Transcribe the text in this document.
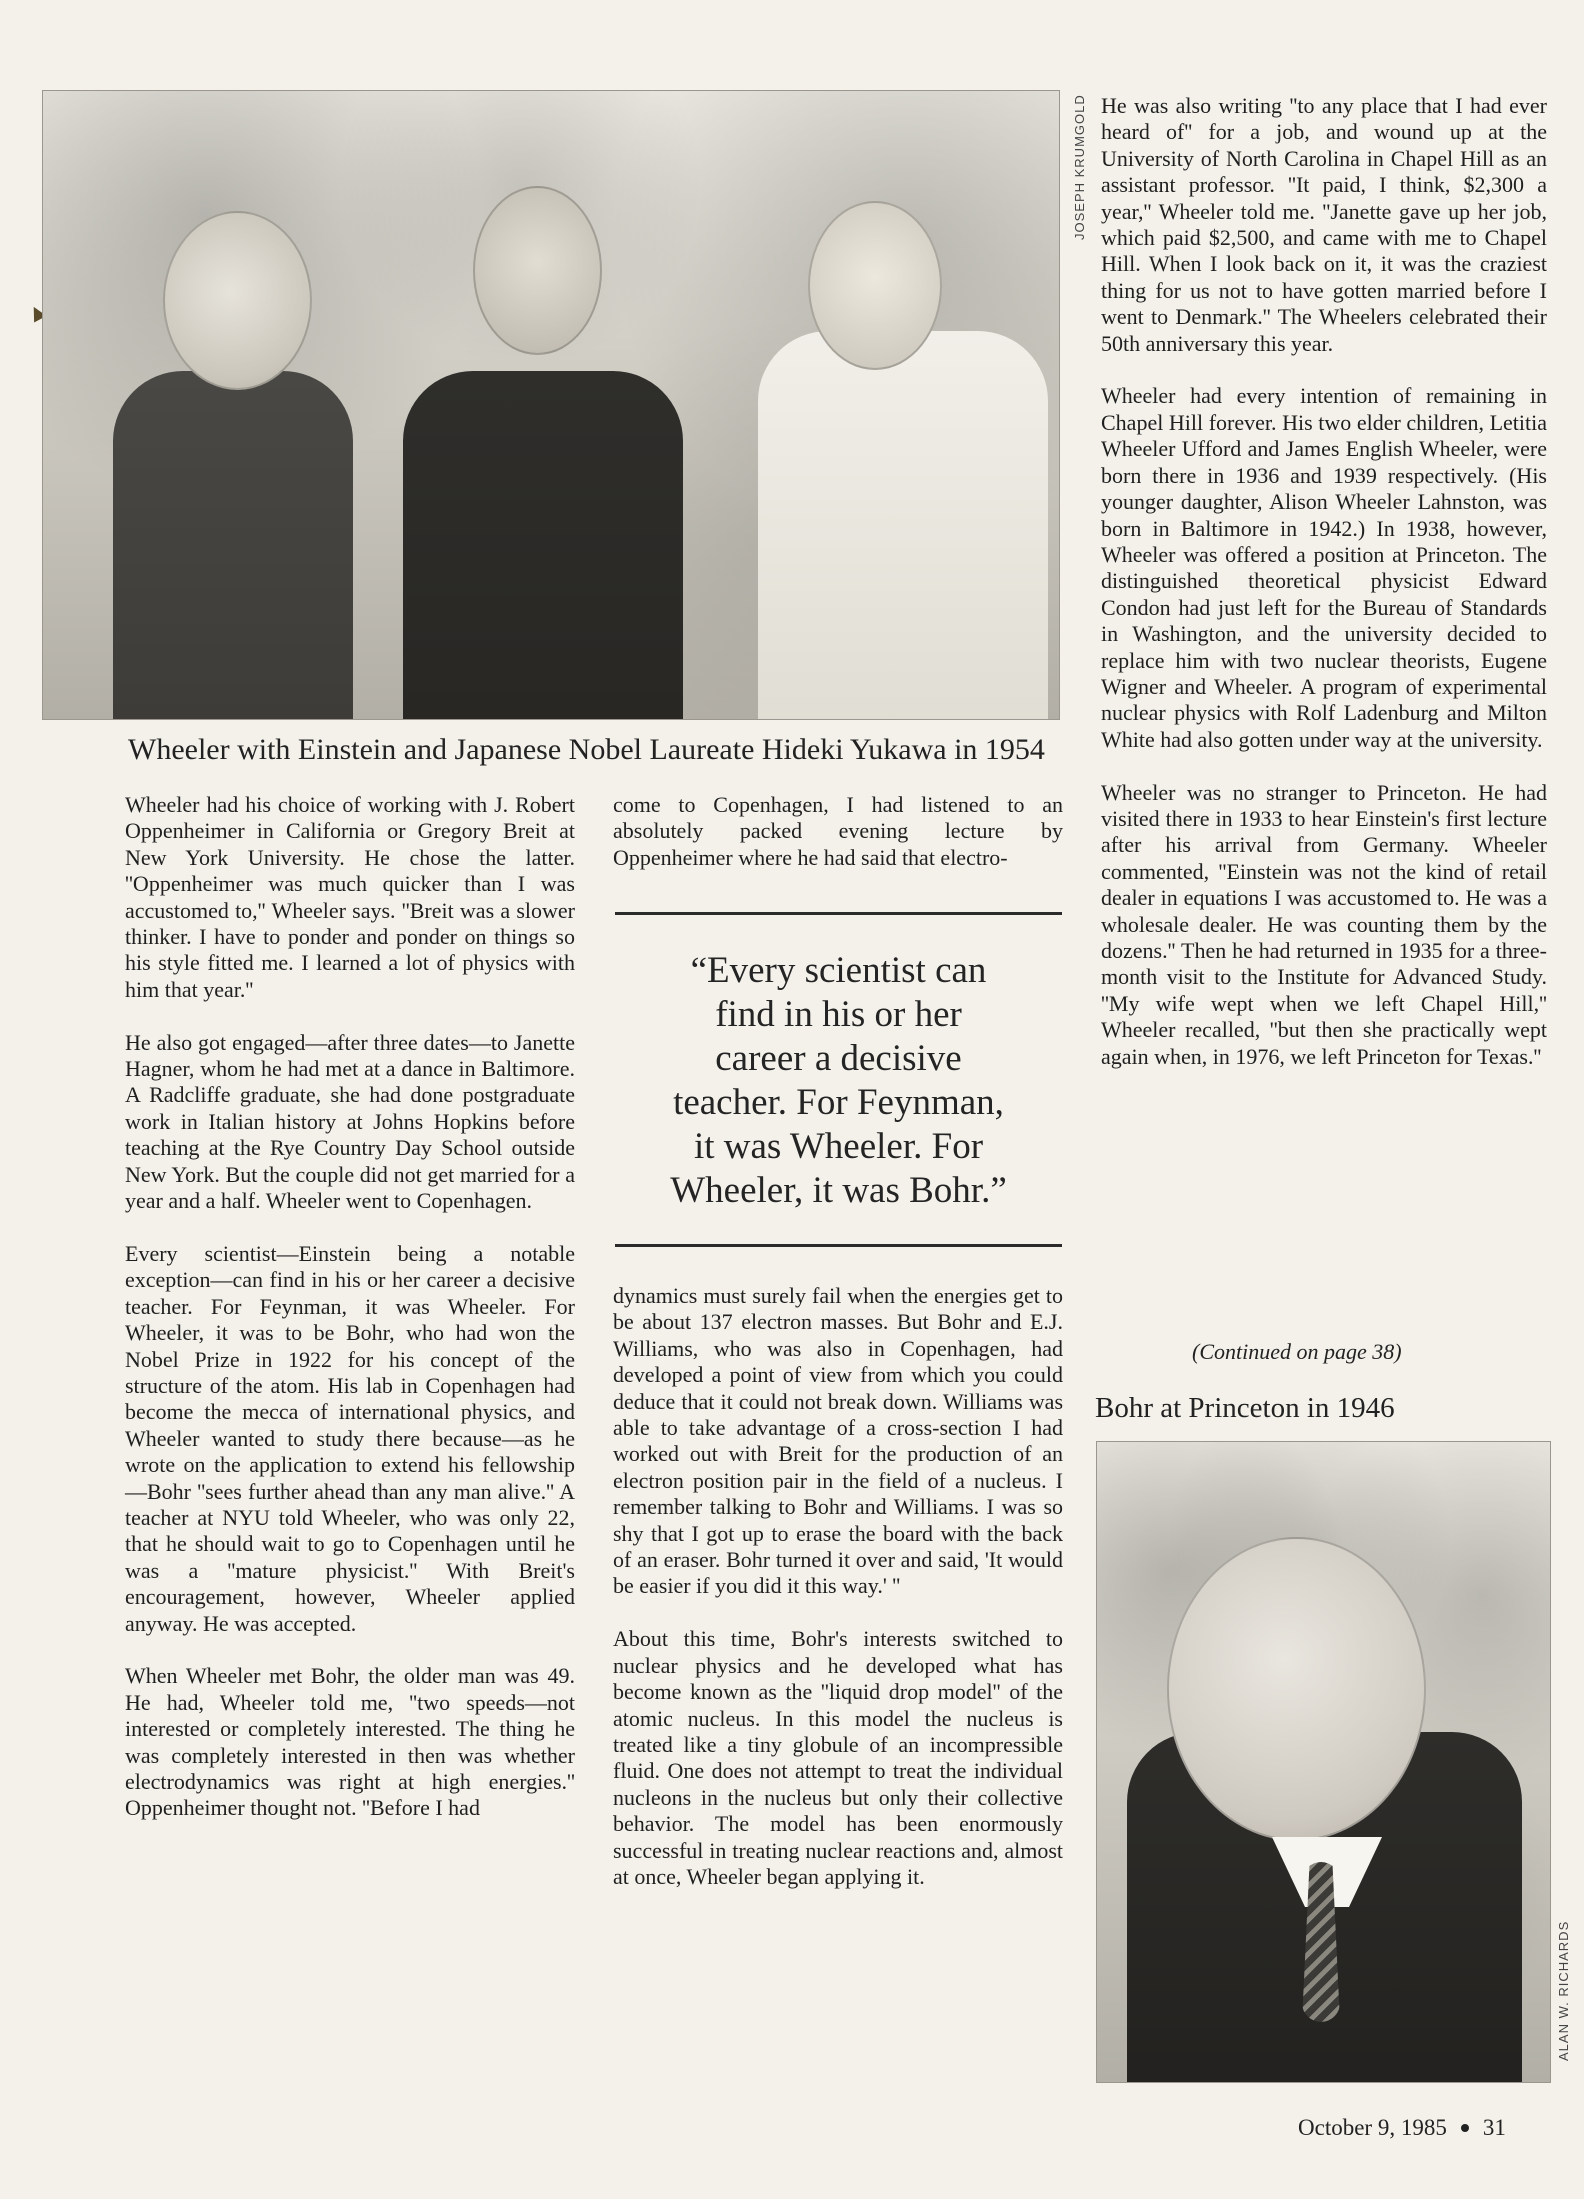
JOSEPH KRUMGOLD
Wheeler with Einstein and Japanese Nobel Laureate Hideki Yukawa in 1954
Wheeler had his choice of working with J. Robert Oppenheimer in California or Gregory Breit at New York University. He chose the latter. ''Oppenheimer was much quicker than I was accustomed to,'' Wheeler says. ''Breit was a slower thinker. I have to ponder and ponder on things so his style fitted me. I learned a lot of physics with him that year.''

He also got engaged—after three dates—to Janette Hagner, whom he had met at a dance in Baltimore. A Radcliffe graduate, she had done postgraduate work in Italian history at Johns Hopkins before teaching at the Rye Country Day School outside New York. But the couple did not get married for a year and a half. Wheeler went to Copenhagen.

Every scientist—Einstein being a notable exception—can find in his or her career a decisive teacher. For Feynman, it was Wheeler. For Wheeler, it was to be Bohr, who had won the Nobel Prize in 1922 for his concept of the structure of the atom. His lab in Copenhagen had become the mecca of international physics, and Wheeler wanted to study there because—as he wrote on the application to extend his fellowship—Bohr ''sees further ahead than any man alive.'' A teacher at NYU told Wheeler, who was only 22, that he should wait to go to Copenhagen until he was a ''mature physicist.'' With Breit's encouragement, however, Wheeler applied anyway. He was accepted.

When Wheeler met Bohr, the older man was 49. He had, Wheeler told me, ''two speeds—not interested or completely interested. The thing he was completely interested in then was whether electrodynamics was right at high energies.'' Oppenheimer thought not. ''Before I had
come to Copenhagen, I had listened to an absolutely packed evening lecture by Oppenheimer where he had said that electro-
“Every scientist can
find in his or her
career a decisive
teacher. For Feynman,
it was Wheeler. For
Wheeler, it was Bohr.”
dynamics must surely fail when the energies get to be about 137 electron masses. But Bohr and E.J. Williams, who was also in Copenhagen, had developed a point of view from which you could deduce that it could not break down. Williams was able to take advantage of a cross-section I had worked out with Breit for the production of an electron position pair in the field of a nucleus. I remember talking to Bohr and Williams. I was so shy that I got up to erase the board with the back of an eraser. Bohr turned it over and said, 'It would be easier if you did it this way.' ''

About this time, Bohr's interests switched to nuclear physics and he developed what has become known as the ''liquid drop model'' of the atomic nucleus. In this model the nucleus is treated like a tiny globule of an incompressible fluid. One does not attempt to treat the individual nucleons in the nucleus but only their collective behavior. The model has been enormously successful in treating nuclear reactions and, almost at once, Wheeler began applying it.
He was also writing ''to any place that I had ever heard of'' for a job, and wound up at the University of North Carolina in Chapel Hill as an assistant professor. ''It paid, I think, $2,300 a year,'' Wheeler told me. ''Janette gave up her job, which paid $2,500, and came with me to Chapel Hill. When I look back on it, it was the craziest thing for us not to have gotten married before I went to Denmark.'' The Wheelers celebrated their 50th anniversary this year.

Wheeler had every intention of remaining in Chapel Hill forever. His two elder children, Letitia Wheeler Ufford and James English Wheeler, were born there in 1936 and 1939 respectively. (His younger daughter, Alison Wheeler Lahnston, was born in Baltimore in 1942.) In 1938, however, Wheeler was offered a position at Princeton. The distinguished theoretical physicist Edward Condon had just left for the Bureau of Standards in Washington, and the university decided to replace him with two nuclear theorists, Eugene Wigner and Wheeler. A program of experimental nuclear physics with Rolf Ladenburg and Milton White had also gotten under way at the university.

Wheeler was no stranger to Princeton. He had visited there in 1933 to hear Einstein's first lecture after his arrival from Germany. Wheeler commented, ''Einstein was not the kind of retail dealer in equations I was accustomed to. He was a wholesale dealer. He was counting them by the dozens.'' Then he had returned in 1935 for a three-month visit to the Institute for Advanced Study. ''My wife wept when we left Chapel Hill,'' Wheeler recalled, ''but then she practically wept again when, in 1976, we left Princeton for Texas.''
(Continued on page 38)
Bohr at Princeton in 1946
ALAN W. RICHARDS
October 9, 1985 31
